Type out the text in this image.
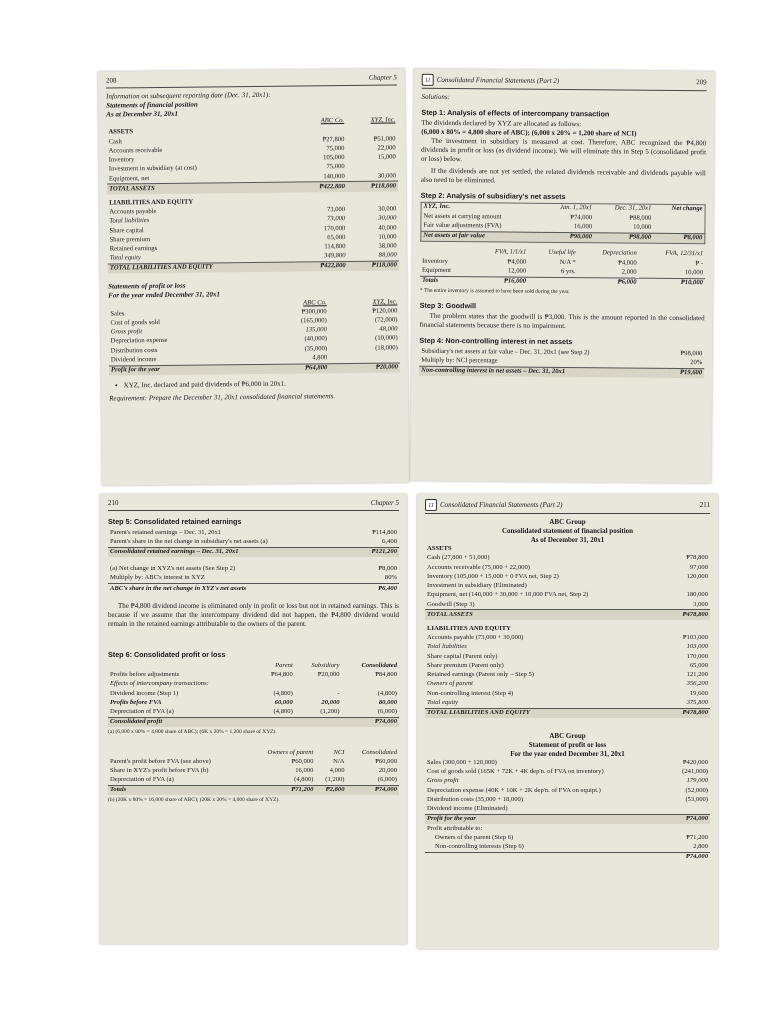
208	Chapter 5
Information on subsequent reporting date (Dec. 31, 20x1):
Statements of financial position
As at December 31, 20x1
	ABC Co.	XYZ, Inc.
ASSETS		
Cash	₱27,800	₱51,000
Accounts receivable	75,000	22,000
Inventory	105,000	15,000
Investment in subsidiary (at cost)	75,000	
Equipment, net	140,000	30,000
TOTAL ASSETS	₱422,800	₱118,000

LIABILITIES AND EQUITY		
Accounts payable	73,000	30,000
Total liabilities	73,000	30,000
Share capital	170,000	40,000
Share premium	65,000	10,000
Retained earnings	114,800	38,000
Total equity	349,800	88,000
TOTAL LIABILITIES AND EQUITY	₱422,800	₱118,000
Statements of profit or loss
For the year ended December 31, 20x1
	ABC Co.	XYZ, Inc.
Sales	₱300,000	₱120,000
Cost of goods sold	(165,000)	(72,000)
Gross profit	135,000	48,000
Depreciation expense	(40,000)	(10,000)
Distribution costs	(35,000)	(18,000)
Dividend income	4,800	
Profit for the year	₱64,800	₱20,000
▪ XYZ, Inc. declared and paid dividends of ₱6,000 in 20x1.
Requirement: Prepare the December 31, 20x1 consolidated financial statements.
11 Consolidated Financial Statements (Part 2)	209
Solutions:
Step 1: Analysis of effects of intercompany transaction
The dividends declared by XYZ are allocated as follows:
(6,000 x 80% = 4,800 share of ABC); (6,000 x 20% = 1,200 share of NCI)
The investment in subsidiary is measured at cost. Therefore, ABC recognized the ₱4,800 dividends in profit or loss (as dividend income). We will eliminate this in Step 5 (consolidated profit or loss) below.
If the dividends are not yet settled, the related dividends receivable and dividends payable will also need to be eliminated.
Step 2: Analysis of subsidiary's net assets
XYZ, Inc.	Jan. 1, 20x1	Dec. 31, 20x1	Net change
Net assets at carrying amount	₱74,000	₱88,000	
Fair value adjustments (FVA)	16,000	10,000	
Net assets at fair value	₱90,000	₱98,000	₱8,000
	FVA, 1/1/x1	Useful life	Depreciation	FVA, 12/31/x1
Inventory	₱4,000	N/A *	₱4,000	₱ -
Equipment	12,000	6 yrs.	2,000	10,000
Totals	₱16,000		₱6,000	₱10,000
* The entire inventory is assumed to have been sold during the year.
Step 3: Goodwill
The problem states that the goodwill is ₱3,000. This is the amount reported in the consolidated financial statements because there is no impairment.
Step 4: Non-controlling interest in net assets
Subsidiary's net assets at fair value – Dec. 31, 20x1 (see Step 2)	₱98,000
Multiply by: NCI percentage	20%
Non-controlling interest in net assets – Dec. 31, 20x1	₱19,600
210	Chapter 5
Step 5: Consolidated retained earnings
Parent's retained earnings – Dec. 31, 20x1	₱114,800
Parent's share in the net change in subsidiary's net assets (a)	6,400
Consolidated retained earnings – Dec. 31, 20x1	₱121,200
(a) Net change in XYZ's net assets (See Step 2)	₱8,000
Multiply by: ABC's interest in XYZ	80%
ABC's share in the net change in XYZ's net assets	₱6,400
The ₱4,800 dividend income is eliminated only in profit or loss but not in retained earnings. This is because if we assume that the intercompany dividend did not happen, the ₱4,800 dividend would remain in the retained earnings attributable to the owners of the parent.
Step 6: Consolidated profit or loss
	Parent	Subsidiary	Consolidated
Profits before adjustments	₱64,800	₱20,000	₱84,800
Effects of intercompany transactions:			
Dividend income (Step 1)	(4,800)	-	(4,800)
Profits before FVA	60,000	20,000	80,000
Depreciation of FVA (a)	(4,800)	(1,200)	(6,000)
Consolidated profit			₱74,000
(a) (6,000 x 80% = 4,800 share of ABC); (6K x 20% = 1,200 share of XYZ).
	Owners of parent	NCI	Consolidated
Parent's profit before FVA (see above)	₱60,000	N/A	₱60,000
Share in XYZ's profit before FVA (b)	16,000	4,000	20,000
Depreciation of FVA (a)	(4,800)	(1,200)	(6,000)
Totals	₱71,200	₱2,800	₱74,000
(b) (20K x 80% = 16,000 share of ABC); (20K x 20% = 4,000 share of XYZ).
11 Consolidated Financial Statements (Part 2)	211
ABC Group
Consolidated statement of financial position
As of December 31, 20x1
ASSETS	
Cash (27,800 + 51,000)	₱78,800
Accounts receivable (75,000 + 22,000)	97,000
Inventory (105,000 + 15,000 + 0 FVA net, Step 2)	120,000
Investment in subsidiary (Eliminated)	
Equipment, net (140,000 + 30,000 + 10,000 FVA net, Step 2)	180,000
Goodwill (Step 3)	3,000
TOTAL ASSETS	₱478,800

LIABILITIES AND EQUITY	
Accounts payable (73,000 + 30,000)	₱103,000
Total liabilities	103,000
Share capital (Parent only)	170,000
Share premium (Parent only)	65,000
Retained earnings (Parent only – Step 5)	121,200
Owners of parent	356,200
Non-controlling interest (Step 4)	19,600
Total equity	375,800
TOTAL LIABILITIES AND EQUITY	₱478,800
ABC Group
Statement of profit or loss
For the year ended December 31, 20x1
Sales (300,000 + 120,000)	₱420,000
Cost of goods sold (165K + 72K + 4K dep'n. of FVA on inventory)	(241,000)
Gross profit	179,000
Depreciation expense (40K + 10K + 2K dep'n. of FVA on equipt.)	(52,000)
Distribution costs (35,000 + 18,000)	(53,000)
Dividend income (Eliminated)	
Profit for the year	₱74,000
Profit attributable to:	
Owners of the parent (Step 6)	₱71,200
Non-controlling interests (Step 6)	2,800
	₱74,000
